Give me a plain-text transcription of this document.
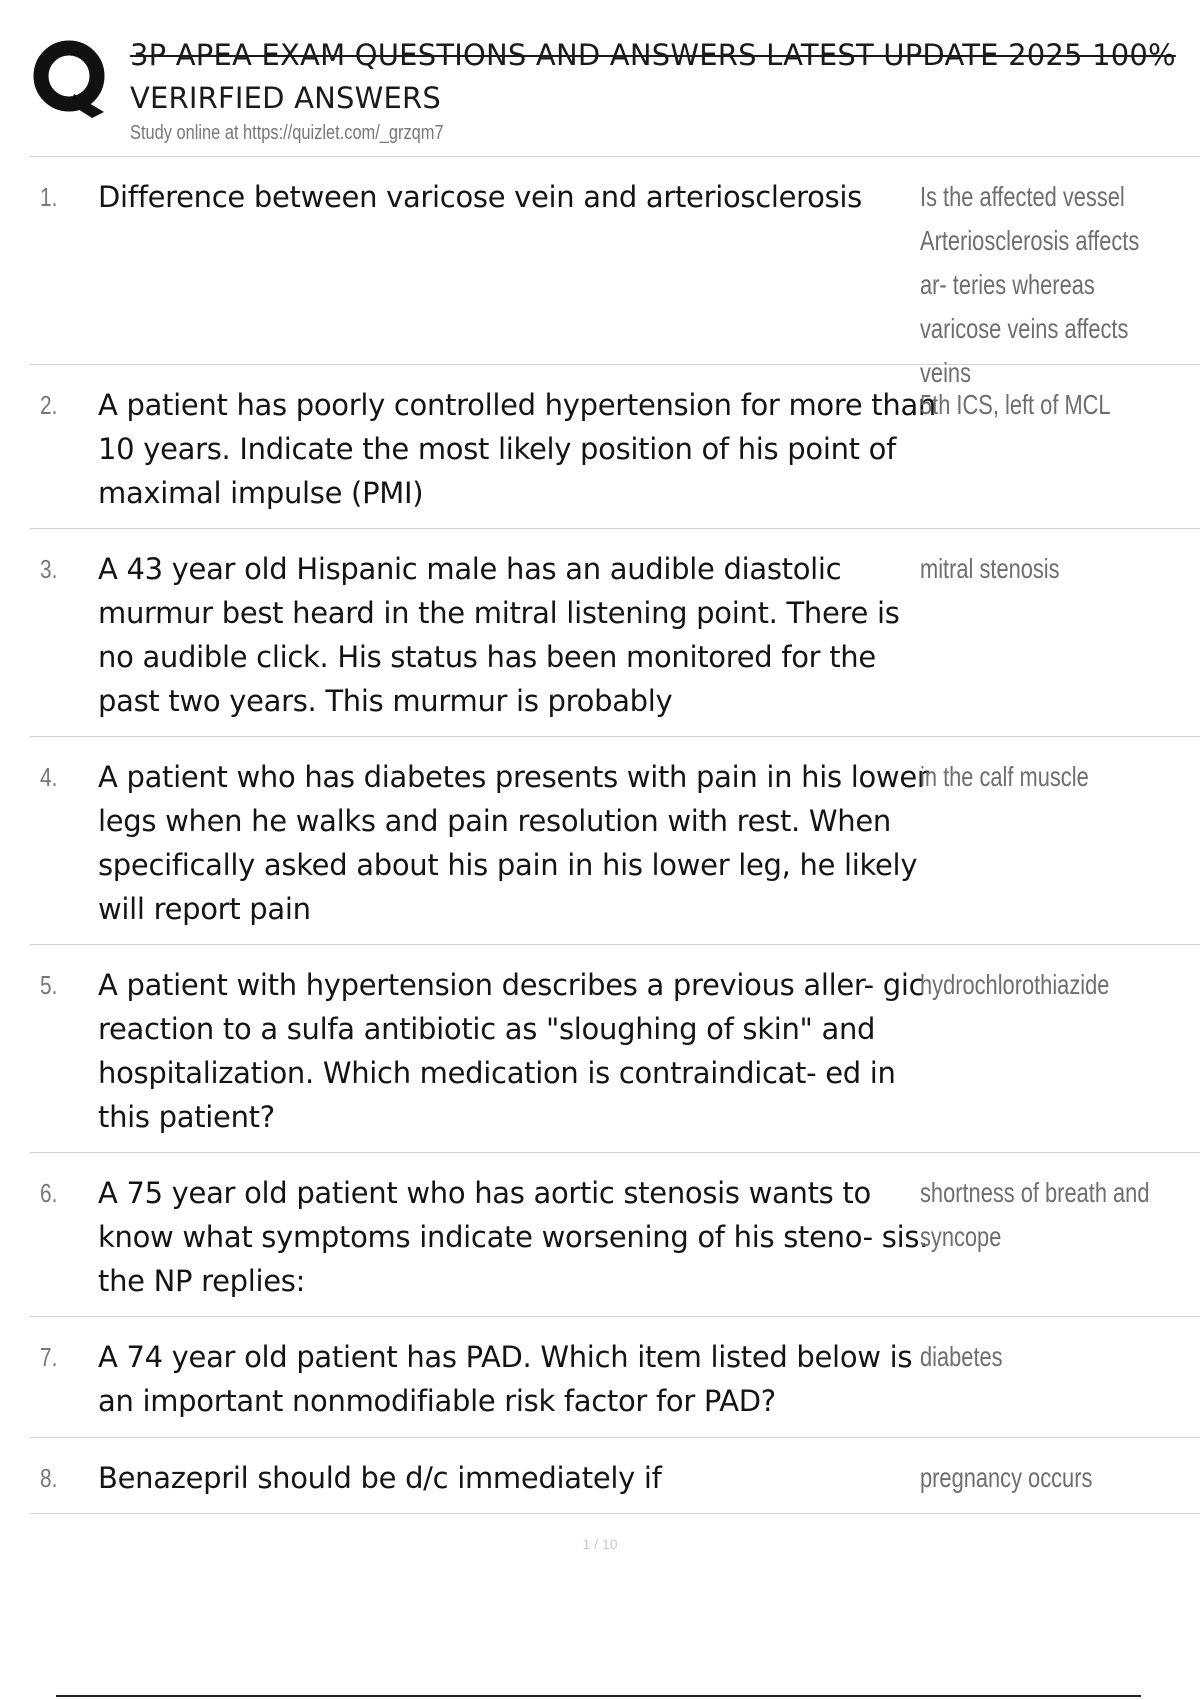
3P APEA EXAM QUESTIONS AND ANSWERS LATEST UPDATE 2025 100%
VERIRFIED ANSWERS
Study online at https://quizlet.com/_grzqm7
1. Difference between varicose vein and arteriosclerosis	Is the affected vessel Arteriosclerosis affects ar- teries whereas varicose veins affects veins
2. A patient has poorly controlled hypertension for more than 10 years. Indicate the most likely position of his point of maximal impulse (PMI)
5th ICS, left of MCL
3. A 43 year old Hispanic male has an audible diastolic murmur best heard in the mitral listening point. There is no audible click. His status has been monitored for the past two years. This murmur is probably
mitral stenosis
4. A patient who has diabetes presents with pain in his lower legs when he walks and pain resolution with rest. When specifically asked about his pain in his lower leg, he likely will report pain
in the calf muscle
5. A patient with hypertension describes a previous aller- gic reaction to a sulfa antibiotic as "sloughing of skin" and hospitalization. Which medication is contraindicat- ed in this patient?
hydrochlorothiazide
6. A 75 year old patient who has aortic stenosis wants to know what symptoms indicate worsening of his steno- sis. the NP replies:
shortness of breath and syncope
7. A 74 year old patient has PAD. Which item listed below is an important nonmodifiable risk factor for PAD?
diabetes
8. Benazepril should be d/c immediately if	pregnancy occurs
1 / 10
